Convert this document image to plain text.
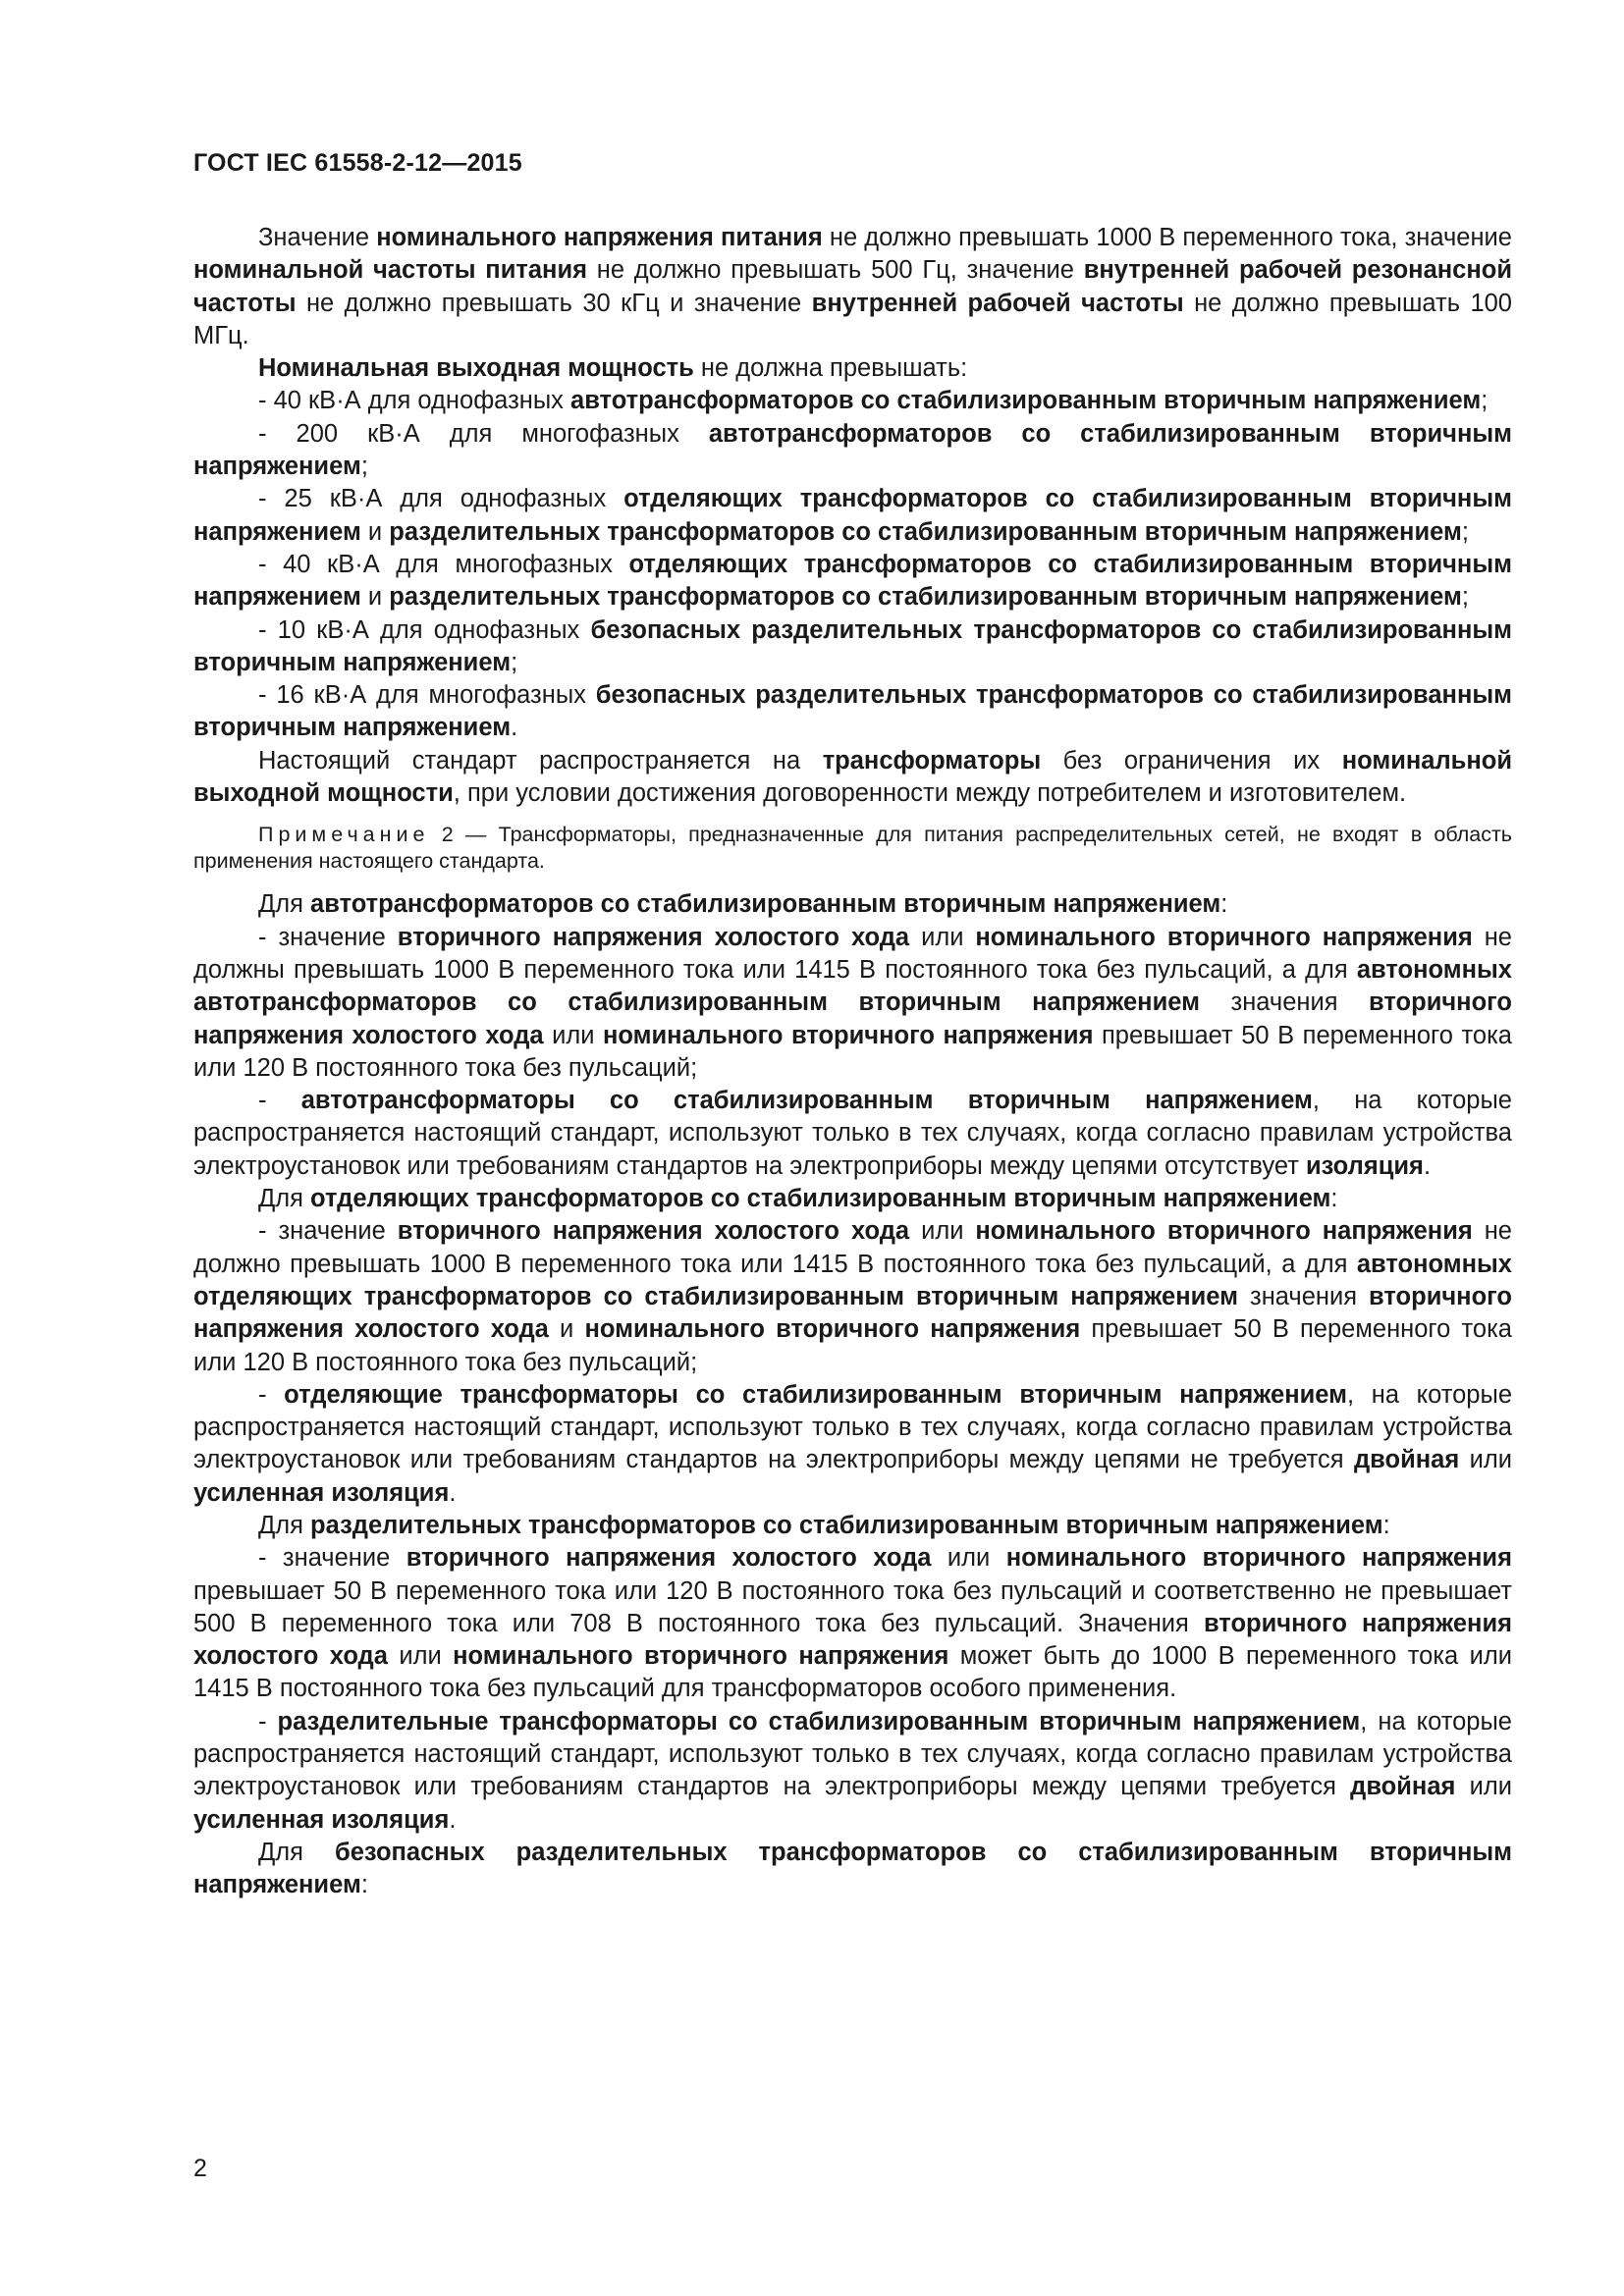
ГОСТ IEC 61558-2-12—2015

Значение номинального напряжения питания не должно превышать 1000 В переменного тока, значение номинальной частоты питания не должно превышать 500 Гц, значение внутренней рабочей резонансной частоты не должно превышать 30 кГц и значение внутренней рабочей частоты не должно превышать 100 МГц.

Номинальная выходная мощность не должна превышать:

- 40 кВ·А для однофазных автотрансформаторов со стабилизированным вторичным напряжением;

- 200 кВ·А для многофазных автотрансформаторов со стабилизированным вторичным напряжением;

- 25 кВ·А для однофазных отделяющих трансформаторов со стабилизированным вторичным напряжением и разделительных трансформаторов со стабилизированным вторичным напряжением;

- 40 кВ·А для многофазных отделяющих трансформаторов со стабилизированным вторичным напряжением и разделительных трансформаторов со стабилизированным вторичным напряжением;

- 10 кВ·А для однофазных безопасных разделительных трансформаторов со стабилизированным вторичным напряжением;

- 16 кВ·А для многофазных безопасных разделительных трансформаторов со стабилизированным вторичным напряжением.

Настоящий стандарт распространяется на трансформаторы без ограничения их номинальной выходной мощности, при условии достижения договоренности между потребителем и изготовителем.

Примечание 2 — Трансформаторы, предназначенные для питания распределительных сетей, не входят в область применения настоящего стандарта.

Для автотрансформаторов со стабилизированным вторичным напряжением:

- значение вторичного напряжения холостого хода или номинального вторичного напряжения не должны превышать 1000 В переменного тока или 1415 В постоянного тока без пульсаций, а для автономных автотрансформаторов со стабилизированным вторичным напряжением значения вторичного напряжения холостого хода или номинального вторичного напряжения превышает 50 В переменного тока или 120 В постоянного тока без пульсаций;

- автотрансформаторы со стабилизированным вторичным напряжением, на которые распространяется настоящий стандарт, используют только в тех случаях, когда согласно правилам устройства электроустановок или требованиям стандартов на электроприборы между цепями отсутствует изоляция.

Для отделяющих трансформаторов со стабилизированным вторичным напряжением:

- значение вторичного напряжения холостого хода или номинального вторичного напряжения не должно превышать 1000 В переменного тока или 1415 В постоянного тока без пульсаций, а для автономных отделяющих трансформаторов со стабилизированным вторичным напряжением значения вторичного напряжения холостого хода и номинального вторичного напряжения превышает 50 В переменного тока или 120 В постоянного тока без пульсаций;

- отделяющие трансформаторы со стабилизированным вторичным напряжением, на которые распространяется настоящий стандарт, используют только в тех случаях, когда согласно правилам устройства электроустановок или требованиям стандартов на электроприборы между цепями не требуется двойная или усиленная изоляция.

Для разделительных трансформаторов со стабилизированным вторичным напряжением:

- значение вторичного напряжения холостого хода или номинального вторичного напряжения превышает 50 В переменного тока или 120 В постоянного тока без пульсаций и соответственно не превышает 500 В переменного тока или 708 В постоянного тока без пульсаций. Значения вторичного напряжения холостого хода или номинального вторичного напряжения может быть до 1000 В переменного тока или 1415 В постоянного тока без пульсаций для трансформаторов особого применения.

- разделительные трансформаторы со стабилизированным вторичным напряжением, на которые распространяется настоящий стандарт, используют только в тех случаях, когда согласно правилам устройства электроустановок или требованиям стандартов на электроприборы между цепями требуется двойная или усиленная изоляция.

Для безопасных разделительных трансформаторов со стабилизированным вторичным напряжением:

2
